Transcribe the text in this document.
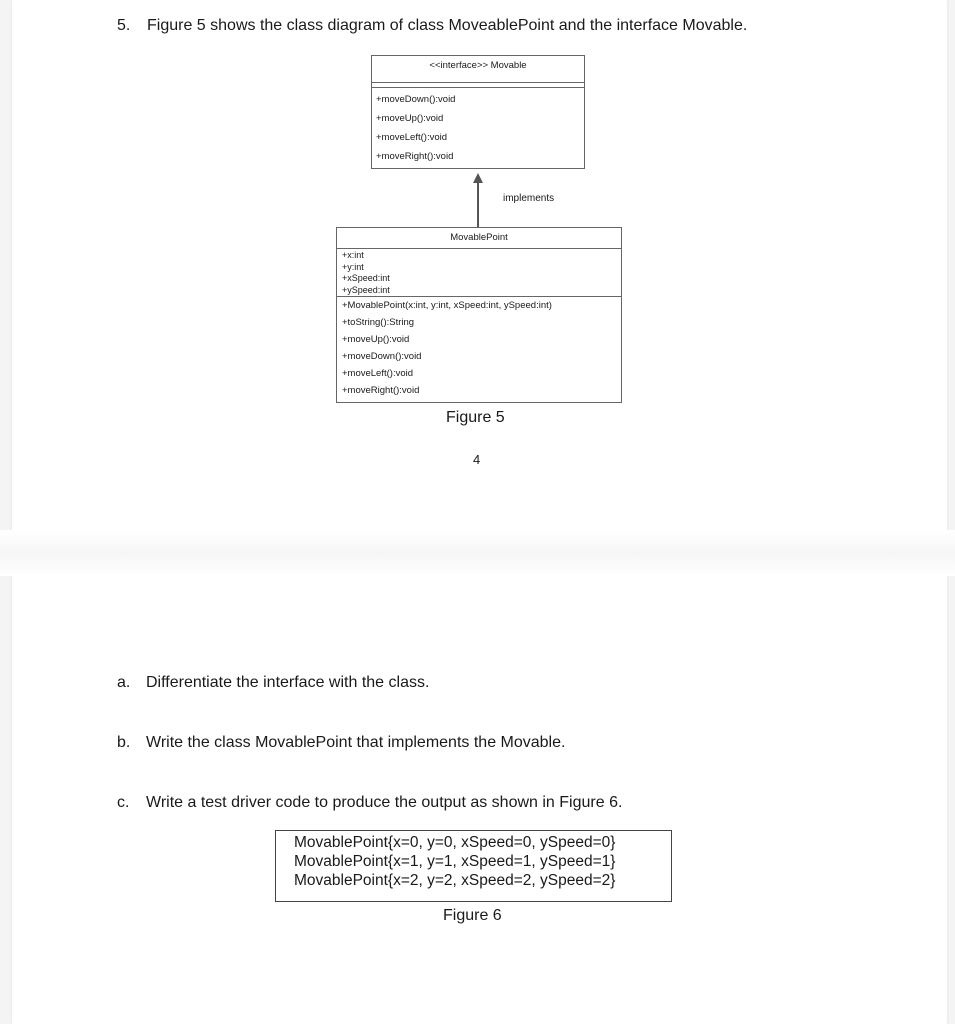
5. Figure 5 shows the class diagram of class MoveablePoint and the interface Movable.
<<interface>> Movable
+moveDown():void
+moveUp():void
+moveLeft():void
+moveRight():void
implements
MovablePoint
+x:int
+y:int
+xSpeed:int
+ySpeed:int
+MovablePoint(x:int, y:int, xSpeed:int, ySpeed:int)
+toString():String
+moveUp():void
+moveDown():void
+moveLeft():void
+moveRight():void
Figure 5
4
a. Differentiate the interface with the class.
b. Write the class MovablePoint that implements the Movable.
c. Write a test driver code to produce the output as shown in Figure 6.
MovablePoint{x=0, y=0, xSpeed=0, ySpeed=0}
MovablePoint{x=1, y=1, xSpeed=1, ySpeed=1}
MovablePoint{x=2, y=2, xSpeed=2, ySpeed=2}
Figure 6
